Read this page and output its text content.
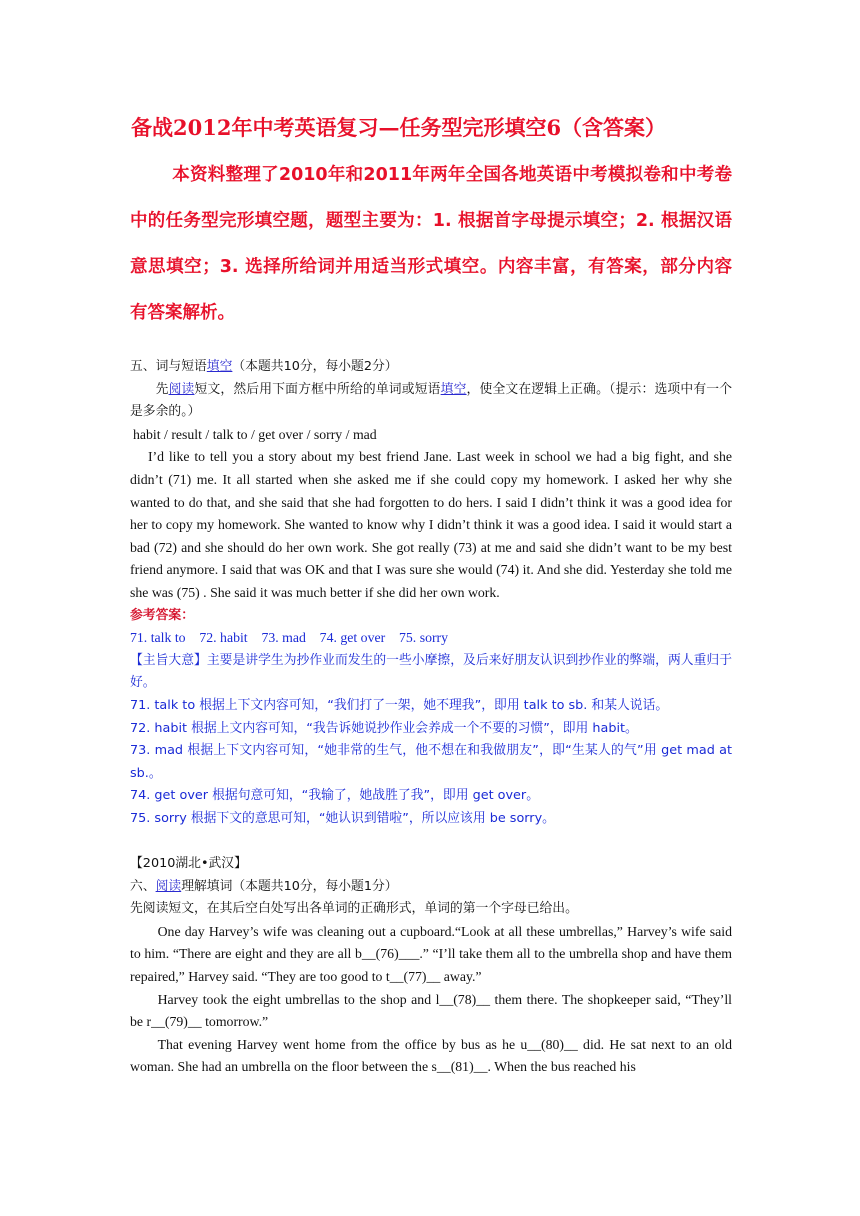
备战2012年中考英语复习—任务型完形填空6（含答案）
本资料整理了2010年和2011年两年全国各地英语中考模拟卷和中考卷中的任务型完形填空题，题型主要为：1. 根据首字母提示填空；2. 根据汉语意思填空；3. 选择所给词并用适当形式填空。内容丰富，有答案，部分内容有答案解析。

五、词与短语填空（本题共10分，每小题2分）

先阅读短文，然后用下面方框中所给的单词或短语填空，使全文在逻辑上正确。（提示：选项中有一个是多余的。）

habit / result / talk to / get over / sorry / mad

I’d like to tell you a story about my best friend Jane. Last week in school we had a big fight, and she didn’t (71) me. It all started when she asked me if she could copy my homework. I asked her why she wanted to do that, and she said that she had forgotten to do hers. I said I didn’t think it was a good idea for her to copy my homework. She wanted to know why I didn’t think it was a good idea. I said it would start a bad (72) and she should do her own work. She got really (73) at me and said she didn’t want to be my best friend anymore. I said that was OK and that I was sure she would (74) it. And she did. Yesterday she told me she was (75) . She said it was much better if she did her own work.

参考答案：

71. talk to    72. habit    73. mad    74. get over    75. sorry

【主旨大意】主要是讲学生为抄作业而发生的一些小摩擦，及后来好朋友认识到抄作业的弊端，两人重归于好。

71. talk to 根据上下文内容可知，“我们打了一架，她不理我”，即用 talk to sb. 和某人说话。

72. habit 根据上文内容可知，“我告诉她说抄作业会养成一个不要的习惯”，即用 habit。

73. mad 根据上下文内容可知，“她非常的生气，他不想在和我做朋友”，即“生某人的气”用 get mad at sb.。

74. get over 根据句意可知，“我输了，她战胜了我”，即用 get over。

75. sorry 根据下文的意思可知，“她认识到错啦”，所以应该用 be sorry。

【2010湖北•武汉】

六、阅读理解填词（本题共10分，每小题1分）

先阅读短文，在其后空白处写出各单词的正确形式，单词的第一个字母已给出。

One day Harvey’s wife was cleaning out a cupboard.“Look at all these umbrellas,” Harvey’s wife said to him. “There are eight and they are all b__(76)___.” “I’ll take them all to the umbrella shop and have them repaired,” Harvey said. “They are too good to t__(77)__ away.”

Harvey took the eight umbrellas to the shop and l__(78)__ them there. The shopkeeper said, “They’ll be r__(79)__ tomorrow.”

That evening Harvey went home from the office by bus as he u__(80)__ did. He sat next to an old woman. She had an umbrella on the floor between the s__(81)__. When the bus reached his
